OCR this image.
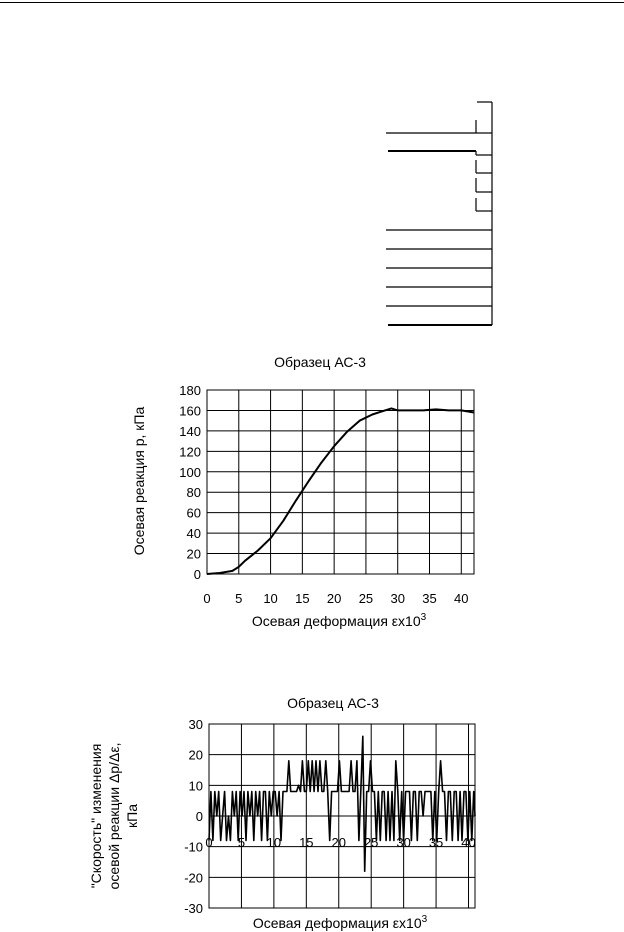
Образец АС-3
0
20
40
60
80
100
120
140
160
180
0 5 10 15 20 25 30 35 40
Осевая деформация $\varepsilon x10^3$
Осевая реакция р, кПа
Образец АС-3
-30
-20
-10
0
10
20
30
0 5 10 15 20 25 30 35 40
Осевая деформация $\varepsilon x10^3$
"Скорость" изменения осевой реакции Δр/Δε, кПа
